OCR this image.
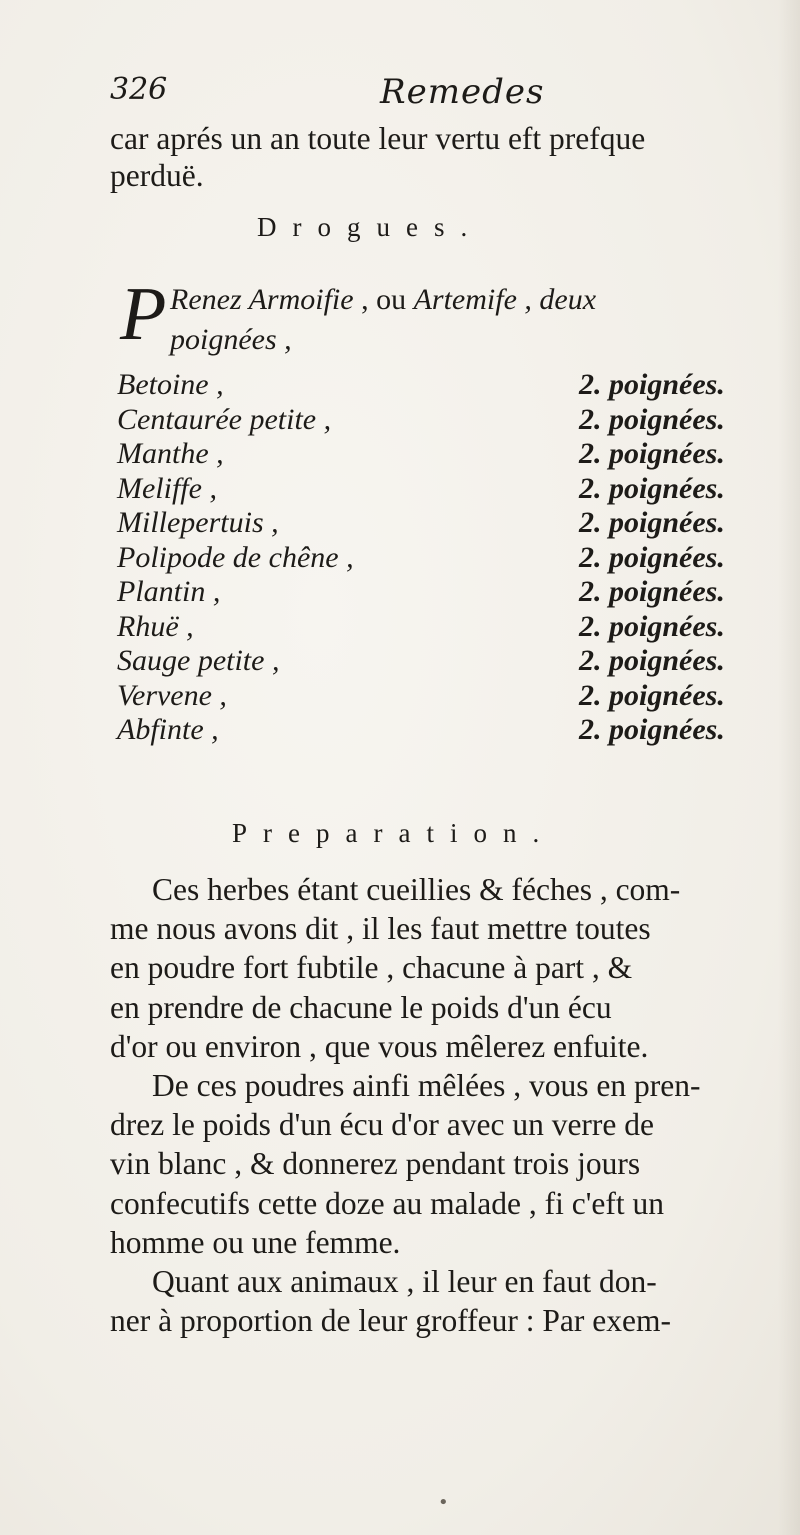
326	Remedes
car aprés un an toute leur vertu eft prefque
perduë.
Drogues.
P Renez Armoifie , ou Artemife , deux
poignées ,
Betoine ,	2. poignées.
Centaurée petite ,	2. poignées.
Manthe ,	2. poignées.
Meliffe ,	2. poignées.
Millepertuis ,	2. poignées.
Polipode de chêne ,	2. poignées.
Plantin ,	2. poignées.
Rhuë ,	2. poignées.
Sauge petite ,	2. poignées.
Vervene ,	2. poignées.
Abfinte ,	2. poignées.
Preparation.
Ces herbes étant cueillies & féches , com-
me nous avons dit , il les faut mettre toutes
en poudre fort fubtile , chacune à part , &
en prendre de chacune le poids d'un écu
d'or ou environ , que vous mêlerez enfuite.
De ces poudres ainfi mêlées , vous en pren-
drez le poids d'un écu d'or avec un verre de
vin blanc , & donnerez pendant trois jours
confecutifs cette doze au malade , fi c'eft un
homme ou une femme.
Quant aux animaux , il leur en faut don-
ner à proportion de leur groffeur : Par exem-
•
